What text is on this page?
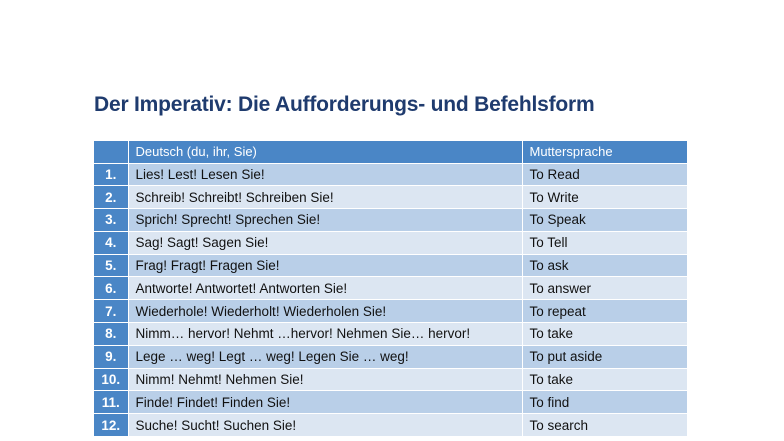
Der Imperativ: Die Aufforderungs- und Befehlsform
	Deutsch (du, ihr, Sie)	Muttersprache
1.	Lies! Lest! Lesen Sie!	To Read
2.	Schreib! Schreibt! Schreiben Sie!	To Write
3.	Sprich! Sprecht! Sprechen Sie!	To Speak
4.	Sag! Sagt! Sagen Sie!	To Tell
5.	Frag! Fragt! Fragen Sie!	To ask
6.	Antworte! Antwortet! Antworten Sie!	To answer
7.	Wiederhole! Wiederholt! Wiederholen Sie!	To repeat
8.	Nimm… hervor! Nehmt …hervor! Nehmen Sie… hervor!	To take
9.	Lege … weg! Legt … weg! Legen Sie … weg!	To put aside
10.	Nimm! Nehmt! Nehmen Sie!	To take
11.	Finde! Findet! Finden Sie!	To find
12.	Suche! Sucht! Suchen Sie!	To search
